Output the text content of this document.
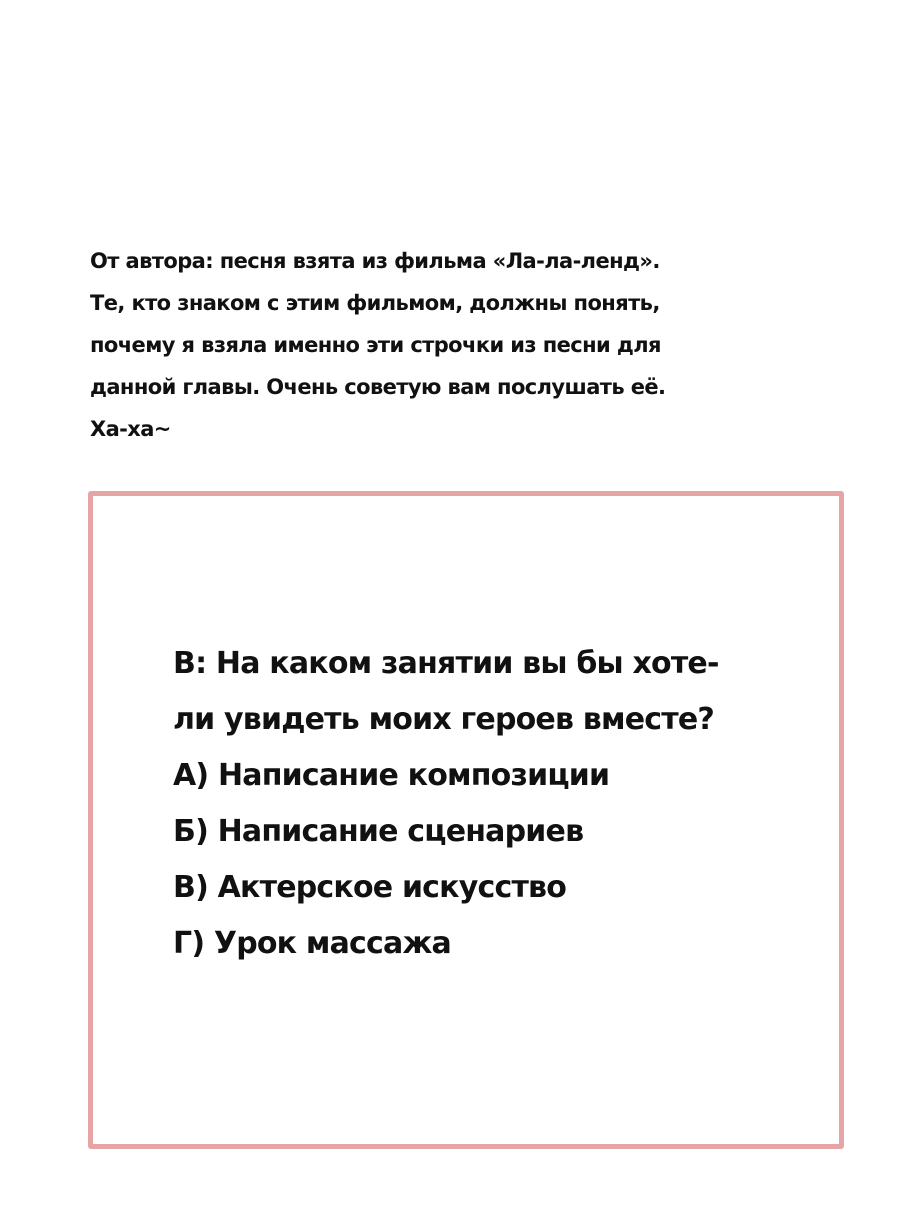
От автора: песня взята из фильма «Ла-ла-ленд».
Те, кто знаком с этим фильмом, должны понять,
почему я взяла именно эти строчки из песни для
данной главы. Очень советую вам послушать её.
Ха-ха~
В: На каком занятии вы бы хоте-
ли увидеть моих героев вместе?
А) Написание композиции
Б) Написание сценариев
В) Актерское искусство
Г) Урок массажа
